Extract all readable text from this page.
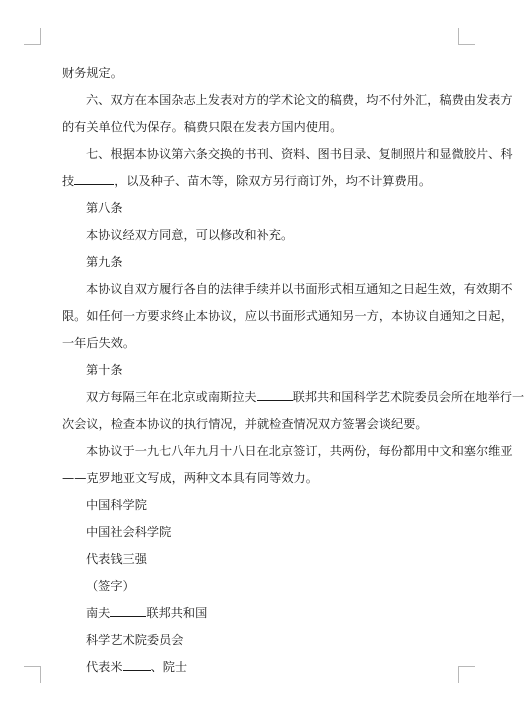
财务规定。
六、双方在本国杂志上发表对方的学术论文的稿费，均不付外汇，稿费由发表方
的有关单位代为保存。稿费只限在发表方国内使用。
七、根据本协议第六条交换的书刊、资料、图书目录、复制照片和显微胶片、科
技	，以及种子、苗木等，除双方另行商订外，均不计算费用。
第八条
本协议经双方同意，可以修改和补充。
第九条
本协议自双方履行各自的法律手续并以书面形式相互通知之日起生效，有效期不
限。如任何一方要求终止本协议，应以书面形式通知另一方，本协议自通知之日起，
一年后失效。
第十条
双方每隔三年在北京或南斯拉夫	联邦共和国科学艺术院委员会所在地举行一
次会议，检查本协议的执行情况，并就检查情况双方签署会谈纪要。
本协议于一九七八年九月十八日在北京签订，共两份，每份都用中文和塞尔维亚
——克罗地亚文写成，两种文本具有同等效力。
中国科学院
中国社会科学院
代表钱三强
（签字）
南夫	联邦共和国
科学艺术院委员会
代表米 、院士
